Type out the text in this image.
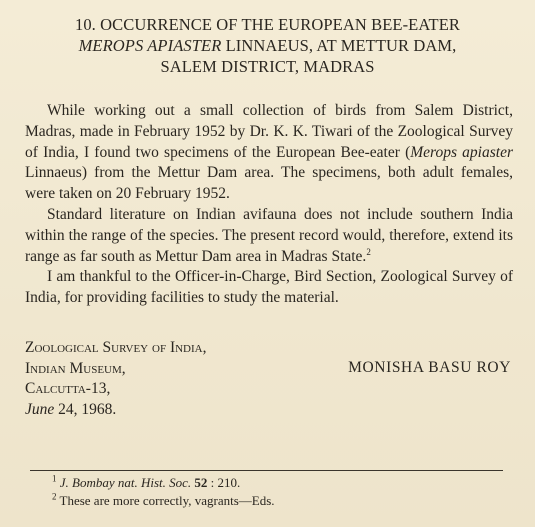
10. OCCURRENCE OF THE EUROPEAN BEE-EATER
MEROPS APIASTER LINNAEUS, AT METTUR DAM,
SALEM DISTRICT, MADRAS

While working out a small collection of birds from Salem District, Madras, made in February 1952 by Dr. K. K. Tiwari of the Zoological Survey of India, I found two specimens of the European Bee-eater (Merops apiaster Linnaeus) from the Mettur Dam area. The specimens, both adult females, were taken on 20 February 1952.

Standard literature on Indian avifauna does not include southern India within the range of the species. The present record would, therefore, extend its range as far south as Mettur Dam area in Madras State.$^2$

I am thankful to the Officer-in-Charge, Bird Section, Zoological Survey of India, for providing facilities to study the material.

Zoological Survey of India,
Indian Museum,
Calcutta-13,
June 24, 1968.
MONISHA BASU ROY
$^1$ J. Bombay nat. Hist. Soc. 52 : 210.
$^2$ These are more correctly, vagrants—Eds.
